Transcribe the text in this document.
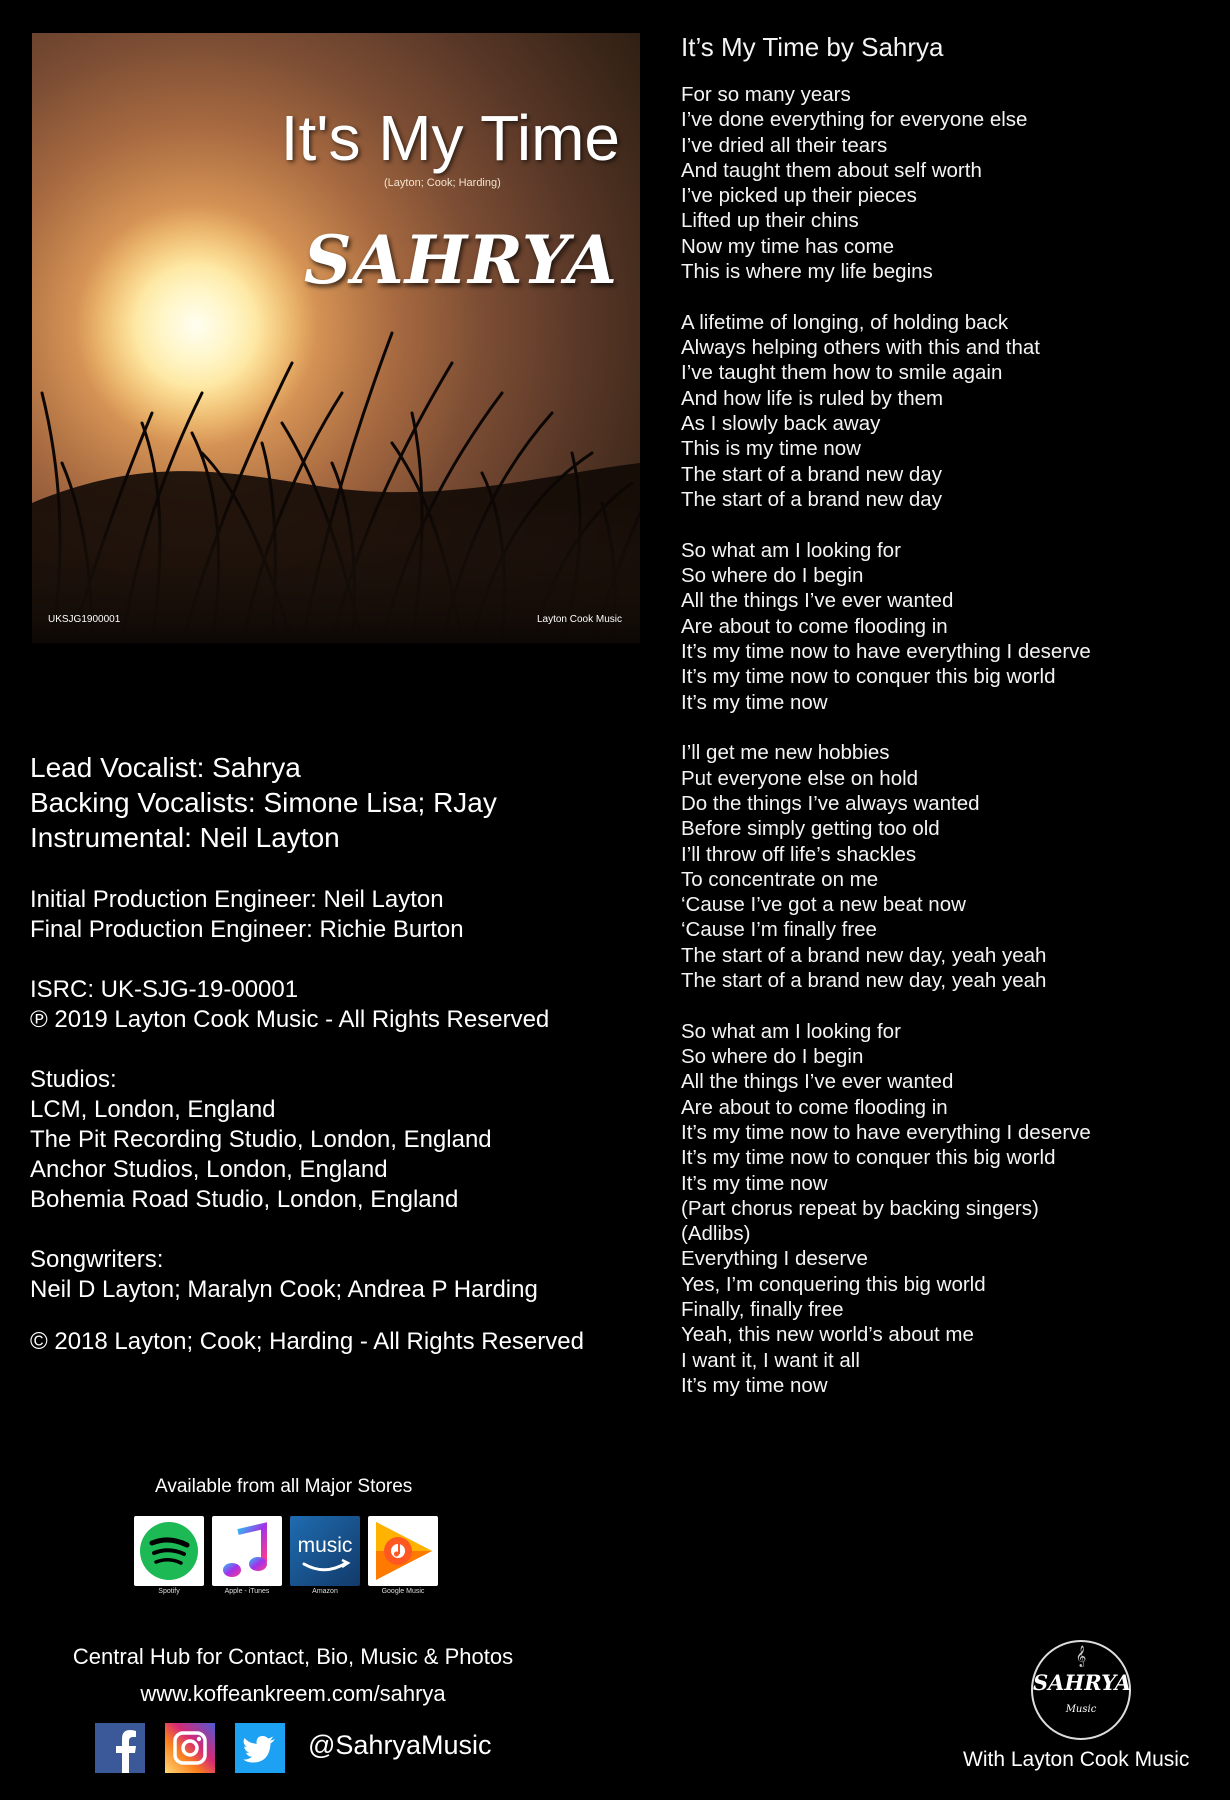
It's My Time
(Layton; Cook; Harding)
SAHRYA
UKSJG1900001	Layton Cook Music
It’s My Time by Sahrya
For so many years
I’ve done everything for everyone else
I’ve dried all their tears
And taught them about self worth
I’ve picked up their pieces
Lifted up their chins
Now my time has come
This is where my life begins
A lifetime of longing, of holding back
Always helping others with this and that
I’ve taught them how to smile again
And how life is ruled by them
As I slowly back away
This is my time now
The start of a brand new day
The start of a brand new day
So what am I looking for
So where do I begin
All the things I’ve ever wanted
Are about to come flooding in
It’s my time now to have everything I deserve
It’s my time now to conquer this big world
It’s my time now
I’ll get me new hobbies
Put everyone else on hold
Do the things I’ve always wanted
Before simply getting too old
I’ll throw off life’s shackles
To concentrate on me
‘Cause I’ve got a new beat now
‘Cause I’m finally free
The start of a brand new day, yeah yeah
The start of a brand new day, yeah yeah
So what am I looking for
So where do I begin
All the things I’ve ever wanted
Are about to come flooding in
It’s my time now to have everything I deserve
It’s my time now to conquer this big world
It’s my time now
(Part chorus repeat by backing singers)
(Adlibs)
Everything I deserve
Yes, I’m conquering this big world
Finally, finally free
Yeah, this new world’s about me
I want it, I want it all
It’s my time now
Lead Vocalist: Sahrya
Backing Vocalists: Simone Lisa; RJay
Instrumental: Neil Layton
Initial Production Engineer: Neil Layton
Final Production Engineer: Richie Burton
ISRC: UK-SJG-19-00001
℗ 2019 Layton Cook Music - All Rights Reserved
Studios:
LCM, London, England
The Pit Recording Studio, London, England
Anchor Studios, London, England
Bohemia Road Studio, London, England
Songwriters:
Neil D Layton; Maralyn Cook; Andrea P Harding
© 2018 Layton; Cook; Harding - All Rights Reserved
Available from all Major Stores
Spotify	Apple - iTunes
music
Amazon	Google Music
Central Hub for Contact, Bio, Music & Photos
www.koffeankreem.com/sahrya
@SahryaMusic
𝄞
SAHRYA
Music
With Layton Cook Music
